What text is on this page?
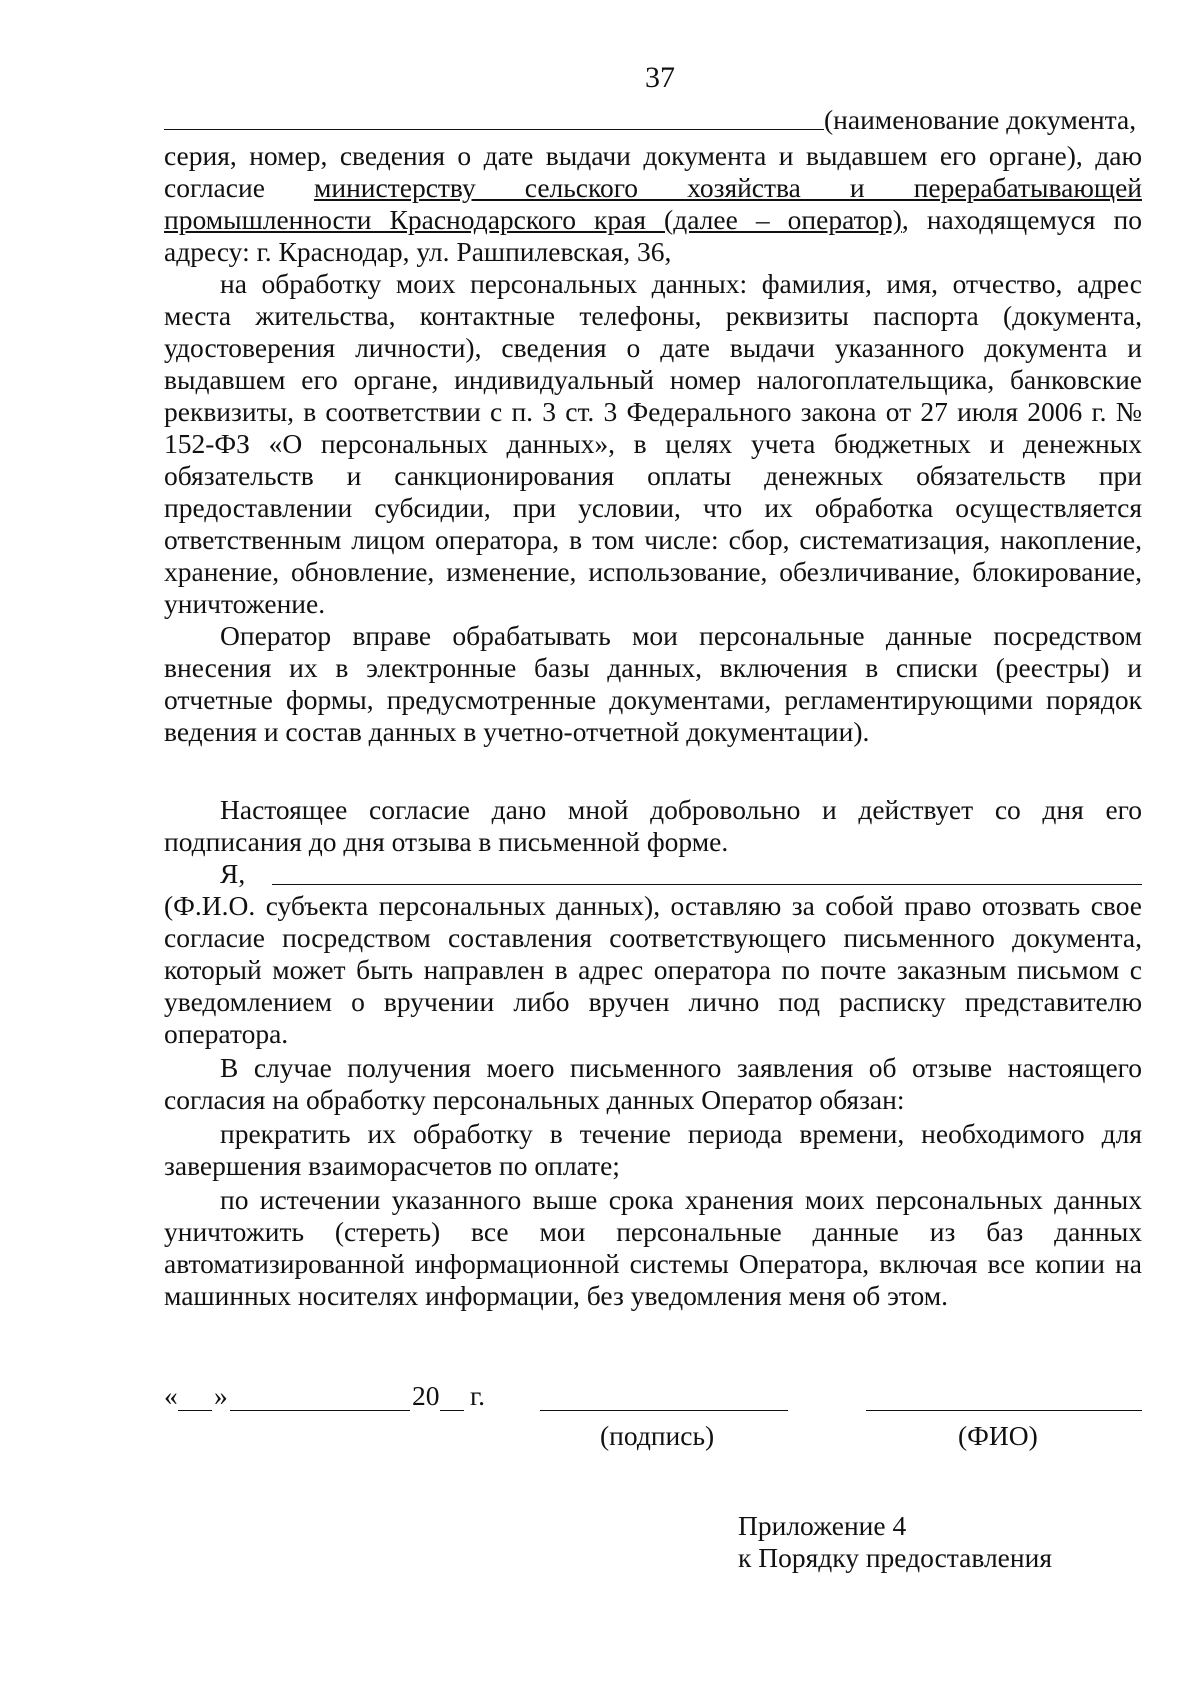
37
(наименование документа,

серия, номер, сведения о дате выдачи документа и выдавшем его органе), даю согласие министерству сельского хозяйства и перерабатывающей промышленности Краснодарского края (далее – оператор), находящемуся по адресу: г. Краснодар, ул. Рашпилевская, 36,

на обработку моих персональных данных: фамилия, имя, отчество, адрес места жительства, контактные телефоны, реквизиты паспорта (документа, удостоверения личности), сведения о дате выдачи указанного документа и выдавшем его органе, индивидуальный номер налогоплательщика, банковские реквизиты, в соответствии с п. 3 ст. 3 Федерального закона от 27 июля 2006 г. № 152-ФЗ «О персональных данных», в целях учета бюджетных и денежных обязательств и санкционирования оплаты денежных обязательств при предоставлении субсидии, при условии, что их обработка осуществляется ответственным лицом оператора, в том числе: сбор, систематизация, накопление, хранение, обновление, изменение, использование, обезличивание, блокирование, уничтожение.

Оператор вправе обрабатывать мои персональные данные посредством внесения их в электронные базы данных, включения в списки (реестры) и отчетные формы, предусмотренные документами, регламентирующими порядок ведения и состав данных в учетно-отчетной документации).

Настоящее согласие дано мной добровольно и действует со дня его подписания до дня отзыва в письменной форме.

Я,

(Ф.И.О. субъекта персональных данных), оставляю за собой право отозвать свое согласие посредством составления соответствующего письменного документа, который может быть направлен в адрес оператора по почте заказным письмом с уведомлением о вручении либо вручен лично под расписку представителю оператора.

В случае получения моего письменного заявления об отзыве настоящего согласия на обработку персональных данных Оператор обязан:

прекратить их обработку в течение периода времени, необходимого для завершения взаиморасчетов по оплате;

по истечении указанного выше срока хранения моих персональных данных уничтожить (стереть) все мои персональные данные из баз данных автоматизированной информационной системы Оператора, включая все копии на машинных носителях информации, без уведомления меня об этом.

« »	20 г.
(подпись)	(ФИО)
Приложение 4
к Порядку предоставления
